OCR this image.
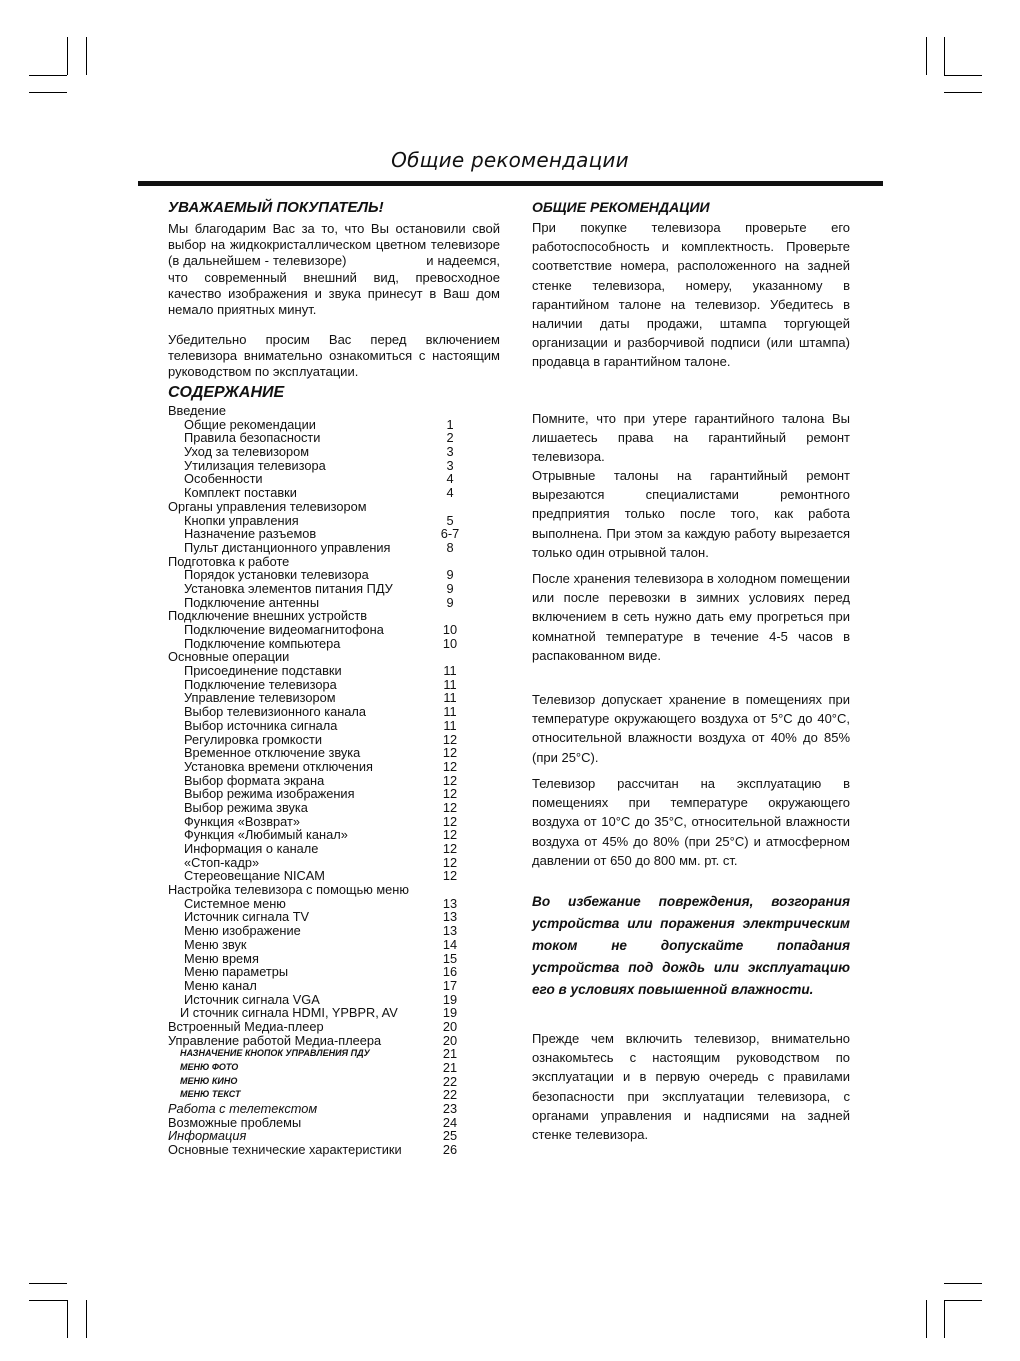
Общие рекомендации
УВАЖАЕМЫЙ ПОКУПАТЕЛЬ!

Мы благодарим Вас за то, что Вы остановили свой выбор на жидкокристаллическом цветном телевизоре (в дальнейшем - телевизоре)                    и надеемся, что современный внешний вид, превосходное качество изображения и звука принесут в Ваш дом немало приятных минут.

Убедительно просим Вас перед включением телевизора внимательно ознакомиться с настоящим руководством по эксплуатации.

СОДЕРЖАНИЕ
Введение
Общие рекомендации	1
Правила безопасности	2
Уход за телевизором	3
Утилизация телевизора	3
Особенности	4
Комплект поставки	4
Органы управления телевизором
Кнопки управления	5
Назначение разъемов	6-7
Пульт дистанционного управления	8
Подготовка к работе
Порядок установки телевизора	9
Установка элементов питания ПДУ	9
Подключение антенны	9
Подключение внешних устройств
Подключение видеомагнитофона	10
Подключение компьютера	10
Основные операции
Присоединение подставки	11
Подключение телевизора	11
Управление телевизором	11
Выбор телевизионного канала	11
Выбор источника сигнала	11
Регулировка громкости	12
Временное отключение звука	12
Установка времени отключения	12
Выбор формата экрана	12
Выбор режима изображения	12
Выбор режима звука	12
Функция «Возврат»	12
Функция «Любимый канал»	12
Информация о канале	12
«Стоп-кадр»	12
Стереовещание NICAM	12
Настройка телевизора с помощью меню
Системное меню	13
Источник сигнала TV	13
Меню изображение	13
Меню звук	14
Меню время	15
Меню параметры	16
Меню канал	17
Источник сигнала VGA	19
И сточник сигнала HDMI, YPBPR, AV	19
Встроенный Медиа-плеер	20
Управление работой Медиа-плеера	20
НАЗНАЧЕНИЕ КНОПОК УПРАВЛЕНИЯ ПДУ	21
МЕНЮ ФОТО	21
МЕНЮ КИНО	22
МЕНЮ ТЕКСТ	22
Работа с телетекстом	23
Возможные проблемы	24
Информация	25
Основные технические характеристики	26
ОБЩИЕ РЕКОМЕНДАЦИИ

При покупке телевизора проверьте его работоспособность и комплектность. Проверьте соответствие номера, расположенного на задней стенке телевизора, номеру, указанному в гарантийном талоне на телевизор. Убедитесь в наличии даты продажи, штампа торгующей организации и разборчивой подписи (или штампа) продавца в гарантийном талоне.

Помните, что при утере гарантийного талона Вы лишаетесь права на гарантийный ремонт телевизора.

Отрывные талоны на гарантийный ремонт вырезаются специалистами ремонтного предприятия только после того, как работа выполнена. При этом за каждую работу вырезается только один отрывной талон.

После хранения телевизора в холодном помещении или после перевозки в зимних условиях перед включением в сеть нужно дать ему прогреться при комнатной температуре в течение 4-5 часов в распакованном виде.

Телевизор допускает хранение в помещениях при температуре окружающего воздуха от 5°C до 40°C, относительной влажности воздуха от 40% до 85% (при 25°C).

Телевизор рассчитан на эксплуатацию в помещениях при температуре окружающего воздуха от 10°C до 35°C, относительной влажности воздуха от 45% до 80% (при 25°C) и атмосферном давлении от 650 до 800 мм. рт. ст.

Во избежание повреждения, возгорания устройства или поражения электрическим током не допускайте попадания устройства под дождь или эксплуатацию его в условиях повышенной влажности.

Прежде чем включить телевизор, внимательно ознакомьтесь с настоящим руководством по эксплуатации и в первую очередь с правилами безопасности при эксплуатации телевизора, с органами управления и надписями на задней стенке телевизора.
